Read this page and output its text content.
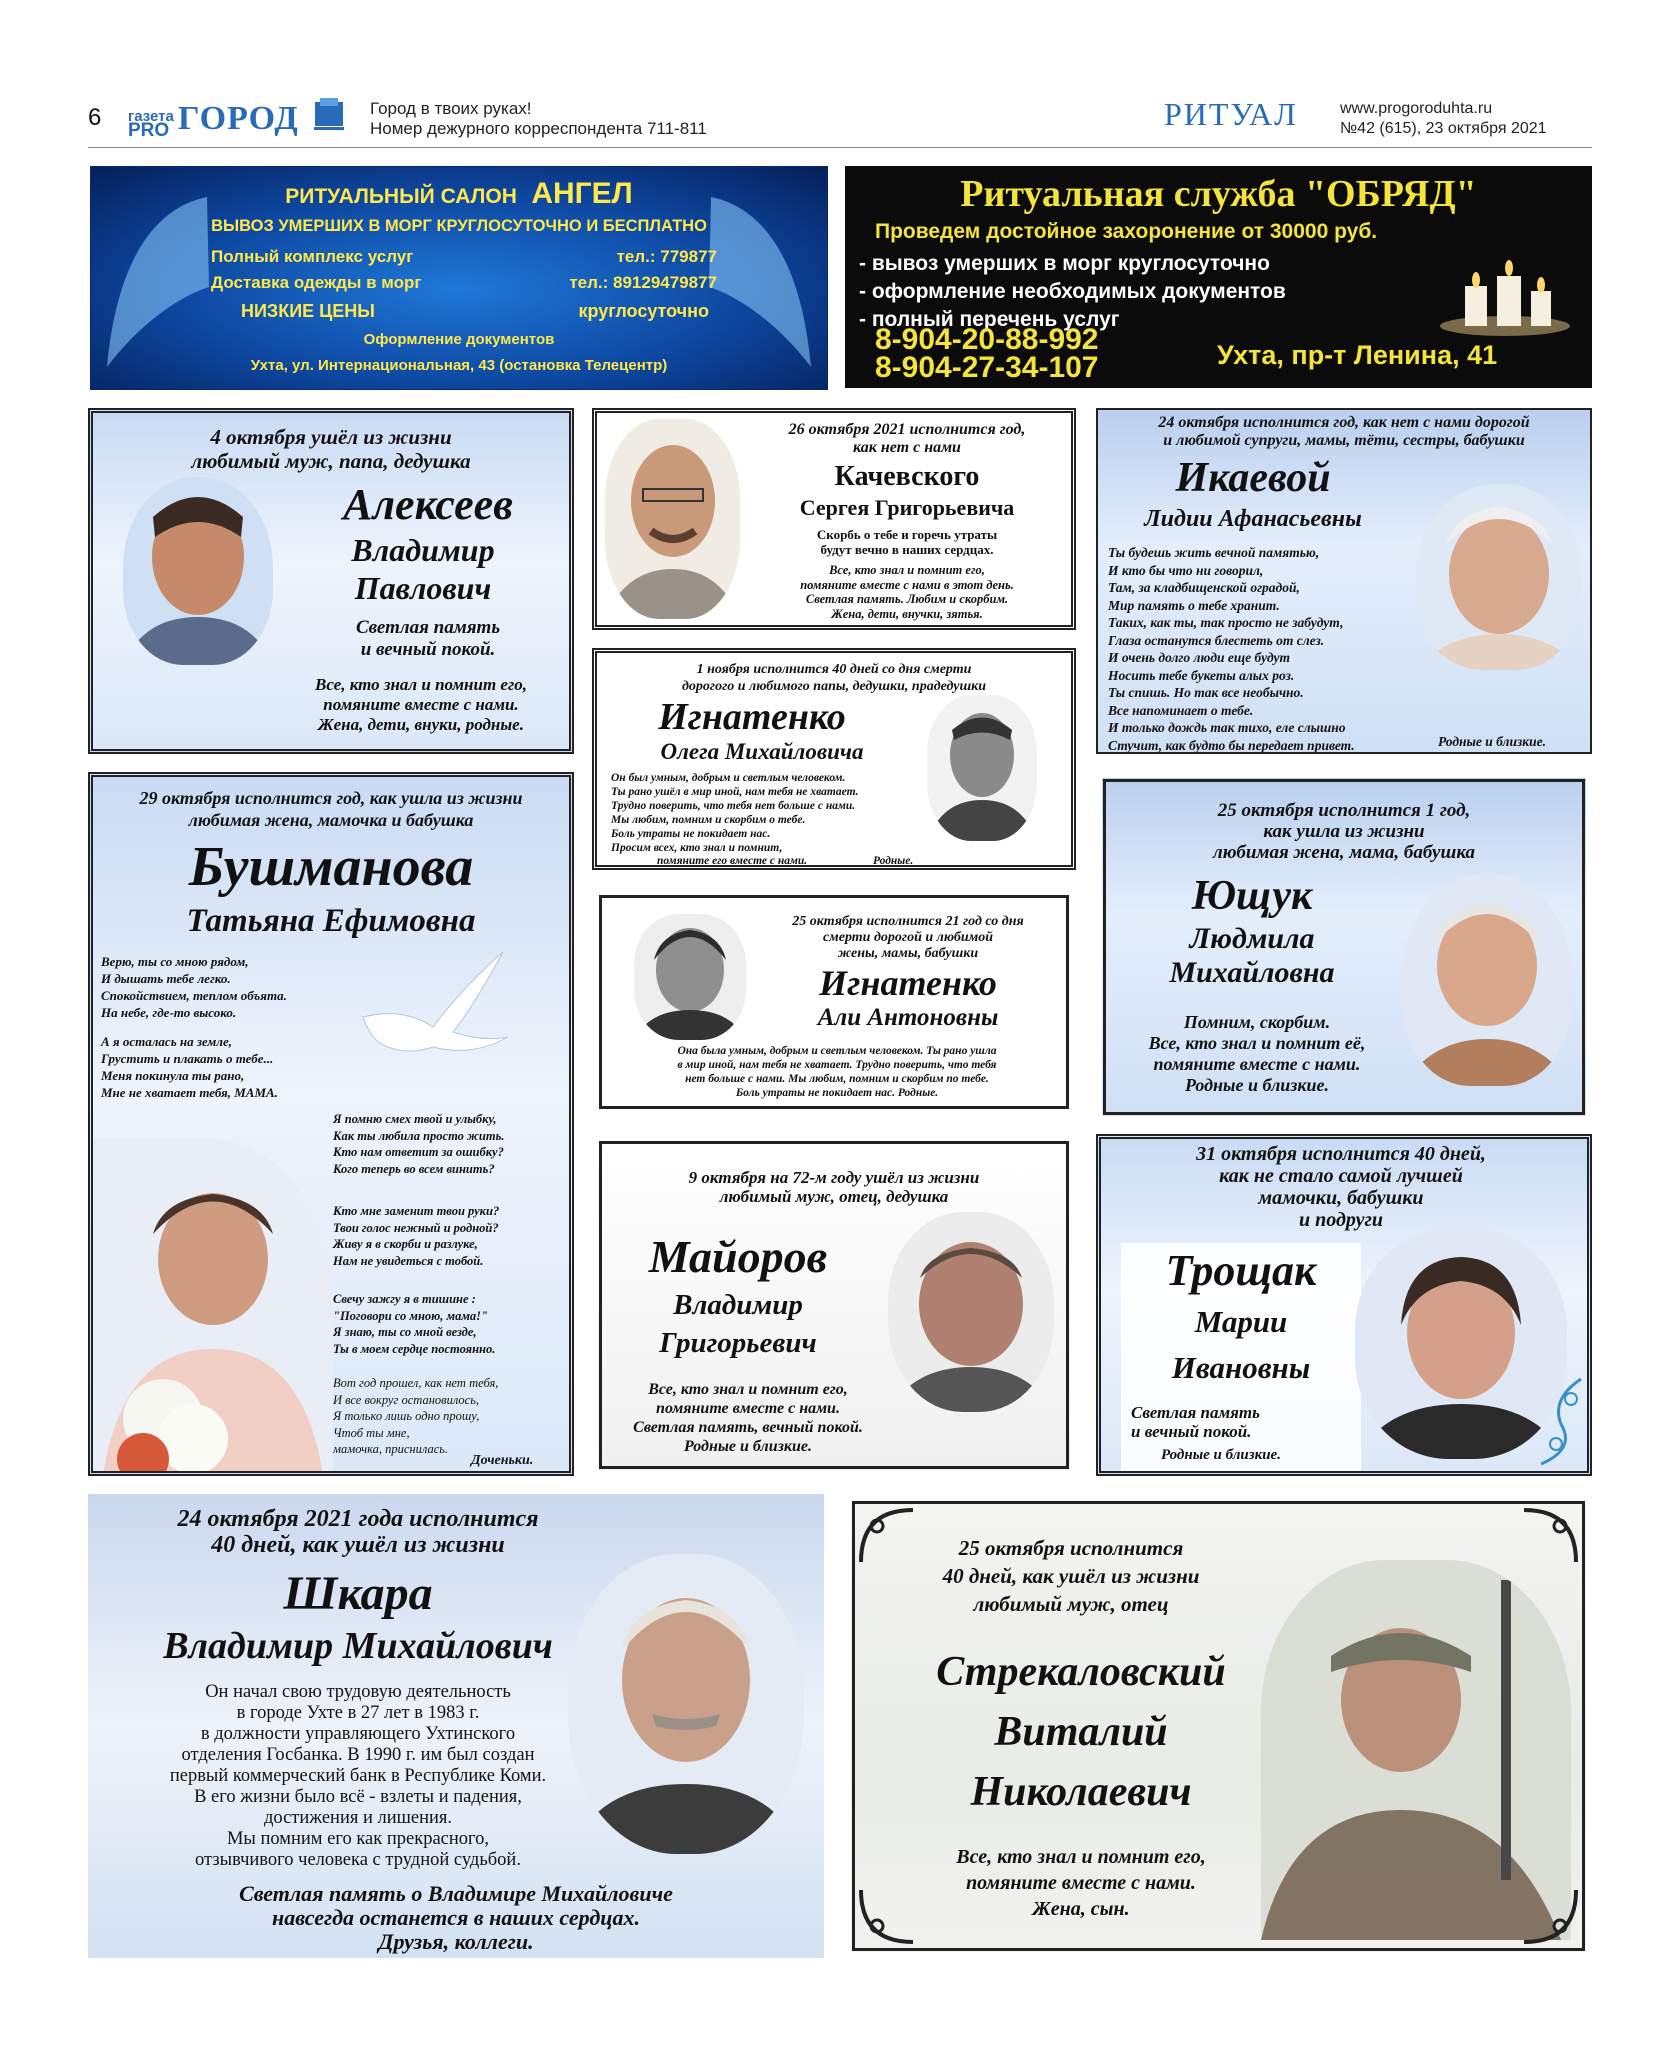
6 газета
PRO ГОРОД	Город в твоих руках!
Номер дежурного корреспондента 711-811	РИТУАЛ	www.progoroduhta.ru
№42 (615), 23 октября 2021
РИТУАЛЬНЫЙ САЛОН АНГЕЛ
ВЫВОЗ УМЕРШИХ В МОРГ КРУГЛОСУТОЧНО И БЕСПЛАТНО
Полный комплекс услуг	тел.: 779877
Доставка одежды в морг	тел.: 89129479877
НИЗКИЕ ЦЕНЫ	круглосуточно
Оформление документов
Ухта, ул. Интернациональная, 43 (остановка Телецентр)
Ритуальная служба "ОБРЯД"
Проведем достойное захоронение от 30000 руб.
- вывоз умерших в морг круглосуточно
- оформление необходимых документов
- полный перечень услуг
8-904-20-88-992
8-904-27-34-107	Ухта, пр-т Ленина, 41
4 октября ушёл из жизни
любимый муж, папа, дедушка
Алексеев
Владимир
Павлович
Светлая память
и вечный покой.
Все, кто знал и помнит его,
помяните вместе с нами.
Жена, дети, внуки, родные.
26 октября 2021 исполнится год,
как нет с нами
Качевского
Сергея Григорьевича
Скорбь о тебе и горечь утраты
будут вечно в наших сердцах.
Все, кто знал и помнит его,
помяните вместе с нами в этот день.
Светлая память. Любим и скорбим.
Жена, дети, внучки, зятья.
24 октября исполнится год, как нет с нами дорогой
и любимой супруги, мамы, тёти, сестры, бабушки
Икаевой
Лидии Афанасьевны
Ты будешь жить вечной памятью,
И кто бы что ни говорил,
Там, за кладбищенской оградой,
Мир память о тебе хранит.
Таких, как ты, так просто не забудут,
Глаза останутся блестеть от слез.
И очень долго люди еще будут
Носить тебе букеты алых роз.
Ты спишь. Но так все необычно.
Все напоминает о тебе.
И только дождь так тихо, еле слышно
Стучит, как будто бы передает привет.	Родные и близкие.
1 ноября исполнится 40 дней со дня смерти
дорогого и любимого папы, дедушки, прадедушки
Игнатенко
Олега Михайловича
Он был умным, добрым и светлым человеком.
Ты рано ушёл в мир иной, нам тебя не хватает.
Трудно поверить, что тебя нет больше с нами.
Мы любим, помним и скорбим о тебе.
Боль утраты не покидает нас.
Просим всех, кто знал и помнит,
помяните его вместе с нами.	Родные.
29 октября исполнится год, как ушла из жизни
любимая жена, мамочка и бабушка
Бушманова
Татьяна Ефимовна
Верю, ты со мною рядом,
И дышать тебе легко.
Спокойствием, теплом объята.
На небе, где-то высоко.
А я осталась на земле,
Грустить и плакать о тебе...
Меня покинула ты рано,
Мне не хватает тебя, МАМА.
Я помню смех твой и улыбку,
Как ты любила просто жить.
Кто нам ответит за ошибку?
Кого теперь во всем винить?
Кто мне заменит твои руки?
Твои голос нежный и родной?
Живу я в скорби и разлуке,
Нам не увидеться с тобой.
Свечу зажгу я в тишине :
"Поговори со мною, мама!"
Я знаю, ты со мной везде,
Ты в моем сердце постоянно.
Вот год прошел, как нет тебя,
И все вокруг остановилось,
Я только лишь одно прошу,
Чтоб ты мне,
мамочка, приснилась.
Доченьки.
25 октября исполнится 21 год со дня
смерти дорогой и любимой
жены, мамы, бабушки
Игнатенко
Али Антоновны
Она была умным, добрым и светлым человеком. Ты рано ушла
в мир иной, нам тебя не хватает. Трудно поверить, что тебя
нет больше с нами. Мы любим, помним и скорбим по тебе.
Боль утраты не покидает нас. Родные.
25 октября исполнится 1 год,
как ушла из жизни
любимая жена, мама, бабушка
Ющук
Людмила
Михайловна
Помним, скорбим.
Все, кто знал и помнит её,
помяните вместе с нами.
Родные и близкие.
9 октября на 72-м году ушёл из жизни
любимый муж, отец, дедушка
Майоров
Владимир
Григорьевич
Все, кто знал и помнит его,
помяните вместе с нами.
Светлая память, вечный покой.
Родные и близкие.
31 октября исполнится 40 дней,
как не стало самой лучшей
мамочки, бабушки
и подруги
Трощак
Марии
Ивановны
Светлая память
и вечный покой.
Родные и близкие.
24 октября 2021 года исполнится
40 дней, как ушёл из жизни
Шкара
Владимир Михайлович
Он начал свою трудовую деятельность
в городе Ухте в 27 лет в 1983 г.
в должности управляющего Ухтинского
отделения Госбанка. В 1990 г. им был создан
первый коммерческий банк в Республике Коми.
В его жизни было всё - взлеты и падения,
достижения и лишения.
Мы помним его как прекрасного,
отзывчивого человека с трудной судьбой.
Светлая память о Владимире Михайловиче
навсегда останется в наших сердцах.
Друзья, коллеги.
25 октября исполнится
40 дней, как ушёл из жизни
любимый муж, отец
Стрекаловский
Виталий
Николаевич
Все, кто знал и помнит его,
помяните вместе с нами.
Жена, сын.
